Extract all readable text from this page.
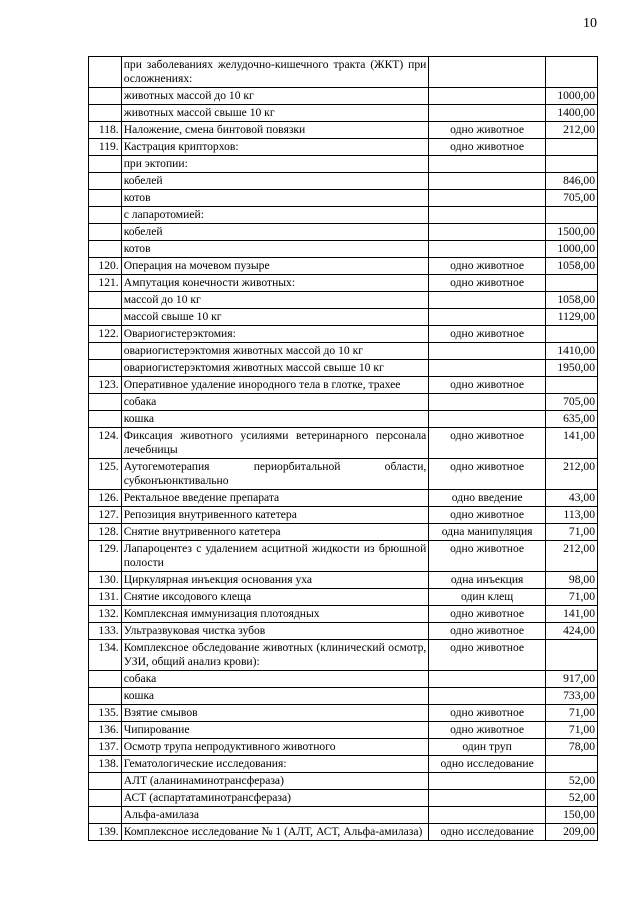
10
	при заболеваниях желудочно-кишечного тракта (ЖКТ) при осложнениях:		
	животных массой до 10 кг		1000,00
	животных массой свыше 10 кг		1400,00
118.	Наложение, смена бинтовой повязки	одно животное	212,00
119.	Кастрация крипторхов:	одно животное	
	при эктопии:		
	кобелей		846,00
	котов		705,00
	с лапаротомией:		
	кобелей		1500,00
	котов		1000,00
120.	Операция на мочевом пузыре	одно животное	1058,00
121.	Ампутация конечности животных:	одно животное	
	массой до 10 кг		1058,00
	массой свыше 10 кг		1129,00
122.	Овариогистерэктомия:	одно животное	
	овариогистерэктомия животных массой до 10 кг		1410,00
	овариогистерэктомия животных массой свыше 10 кг		1950,00
123.	Оперативное удаление инородного тела в глотке, трахее	одно животное	
	собака		705,00
	кошка		635,00
124.	Фиксация животного усилиями ветеринарного персонала лечебницы	одно животное	141,00
125.	Аутогемотерапия периорбитальной области, субконъюнктивально	одно животное	212,00
126.	Ректальное введение препарата	одно введение	43,00
127.	Репозиция внутривенного катетера	одно животное	113,00
128.	Снятие внутривенного катетера	одна манипуляция	71,00
129.	Лапароцентез с удалением асцитной жидкости из брюшной полости	одно животное	212,00
130.	Циркулярная инъекция основания уха	одна инъекция	98,00
131.	Снятие иксодового клеща	один клещ	71,00
132.	Комплексная иммунизация плотоядных	одно животное	141,00
133.	Ультразвуковая чистка зубов	одно животное	424,00
134.	Комплексное обследование животных (клинический осмотр, УЗИ, общий анализ крови):	одно животное	
	собака		917,00
	кошка		733,00
135.	Взятие смывов	одно животное	71,00
136.	Чипирование	одно животное	71,00
137.	Осмотр трупа непродуктивного животного	один труп	78,00
138.	Гематологические исследования:	одно исследование	
	АЛТ (аланинаминотрансфераза)		52,00
	АСТ (аспартатаминотрансфераза)		52,00
	Альфа-амилаза		150,00
139.	Комплексное исследование № 1 (АЛТ, АСТ, Альфа-амилаза)	одно исследование	209,00
